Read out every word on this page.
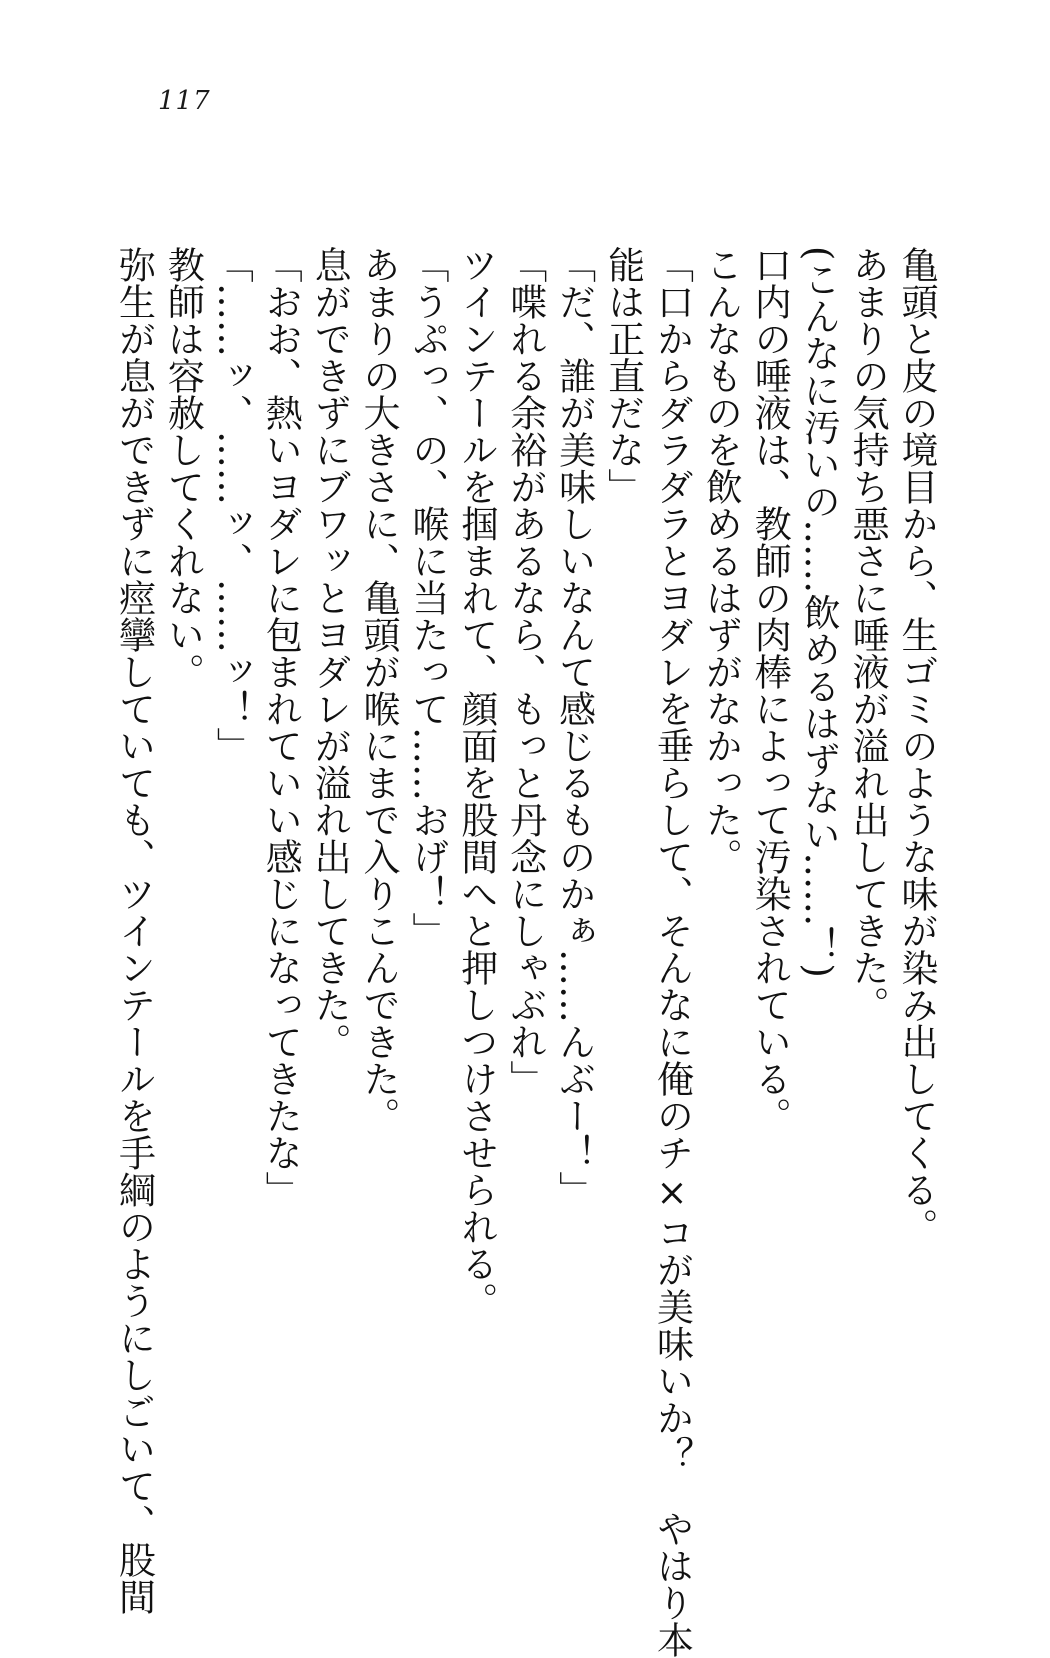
117
亀頭と皮の境目から、生ゴミのような味が染み出してくる。
あまりの気持ち悪さに唾液が溢れ出してきた。
(こんなに汚いの……飲めるはずない……！)
口内の唾液は、教師の肉棒によって汚染されている。
こんなものを飲めるはずがなかった。
「口からダラダラとヨダレを垂らして、そんなに俺のチ×コが美味いか？　やはり本
能は正直だな」
「だ、誰が美味しいなんて感じるものかぁ……んぶー！」
「喋れる余裕があるなら、もっと丹念にしゃぶれ」
ツインテールを掴まれて、顔面を股間へと押しつけさせられる。
「うぷっ、の、喉に当たって……おげ！」
あまりの大きさに、亀頭が喉にまで入りこんできた。
息ができずにブワッとヨダレが溢れ出してきた。
「おお、熱いヨダレに包まれていい感じになってきたな」
「……ッ、……ッ、……ッ！」
教師は容赦してくれない。
弥生が息ができずに痙攣していても、ツインテールを手綱のようにしごいて、股間
